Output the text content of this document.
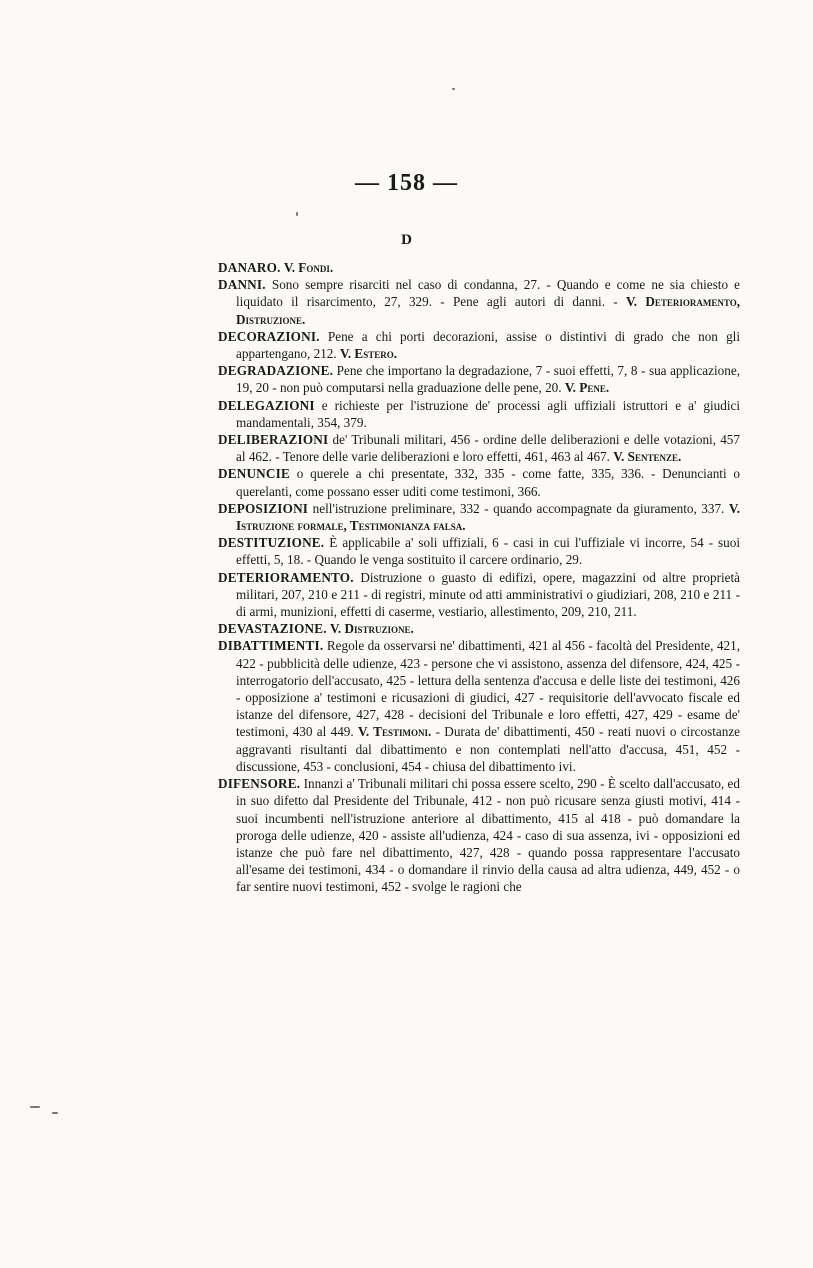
— 158 —
D

DANARO. V. Fondi.

DANNI. Sono sempre risarciti nel caso di condanna, 27. - Quando e come ne sia chiesto e liquidato il risarcimento, 27, 329. - Pene agli autori di danni. - V. Deterioramento, Distruzione.

DECORAZIONI. Pene a chi porti decorazioni, assise o distintivi di grado che non gli appartengano, 212. V. Estero.

DEGRADAZIONE. Pene che importano la degradazione, 7 - suoi effetti, 7, 8 - sua applicazione, 19, 20 - non può computarsi nella graduazione delle pene, 20. V. Pene.

DELEGAZIONI e richieste per l'istruzione de' processi agli uffiziali istruttori e a' giudici mandamentali, 354, 379.

DELIBERAZIONI de' Tribunali militari, 456 - ordine delle deliberazioni e delle votazioni, 457 al 462. - Tenore delle varie deliberazioni e loro effetti, 461, 463 al 467. V. Sentenze.

DENUNCIE o querele a chi presentate, 332, 335 - come fatte, 335, 336. - Denuncianti o querelanti, come possano esser uditi come testimoni, 366.

DEPOSIZIONI nell'istruzione preliminare, 332 - quando accompagnate da giuramento, 337. V. Istruzione formale, Testimonianza falsa.

DESTITUZIONE. È applicabile a' soli uffiziali, 6 - casi in cui l'uffiziale vi incorre, 54 - suoi effetti, 5, 18. - Quando le venga sostituito il carcere ordinario, 29.

DETERIORAMENTO. Distruzione o guasto di edifizi, opere, magazzini od altre proprietà militari, 207, 210 e 211 - di registri, minute od atti amministrativi o giudiziari, 208, 210 e 211 - di armi, munizioni, effetti di caserme, vestiario, allestimento, 209, 210, 211.

DEVASTAZIONE. V. Distruzione.

DIBATTIMENTI. Regole da osservarsi ne' dibattimenti, 421 al 456 - facoltà del Presidente, 421, 422 - pubblicità delle udienze, 423 - persone che vi assistono, assenza del difensore, 424, 425 - interrogatorio dell'accusato, 425 - lettura della sentenza d'accusa e delle liste dei testimoni, 426 - opposizione a' testimoni e ricusazioni di giudici, 427 - requisitorie dell'avvocato fiscale ed istanze del difensore, 427, 428 - decisioni del Tribunale e loro effetti, 427, 429 - esame de' testimoni, 430 al 449. V. Testimoni. - Durata de' dibattimenti, 450 - reati nuovi o circostanze aggravanti risultanti dal dibattimento e non contemplati nell'atto d'accusa, 451, 452 - discussione, 453 - conclusioni, 454 - chiusa del dibattimento ivi.

DIFENSORE. Innanzi a' Tribunali militari chi possa essere scelto, 290 - È scelto dall'accusato, ed in suo difetto dal Presidente del Tribunale, 412 - non può ricusare senza giusti motivi, 414 - suoi incumbenti nell'istruzione anteriore al dibattimento, 415 al 418 - può domandare la proroga delle udienze, 420 - assiste all'udienza, 424 - caso di sua assenza, ivi - opposizioni ed istanze che può fare nel dibattimento, 427, 428 - quando possa rappresentare l'accusato all'esame dei testimoni, 434 - o domandare il rinvio della causa ad altra udienza, 449, 452 - o far sentire nuovi testimoni, 452 - svolge le ragioni che
